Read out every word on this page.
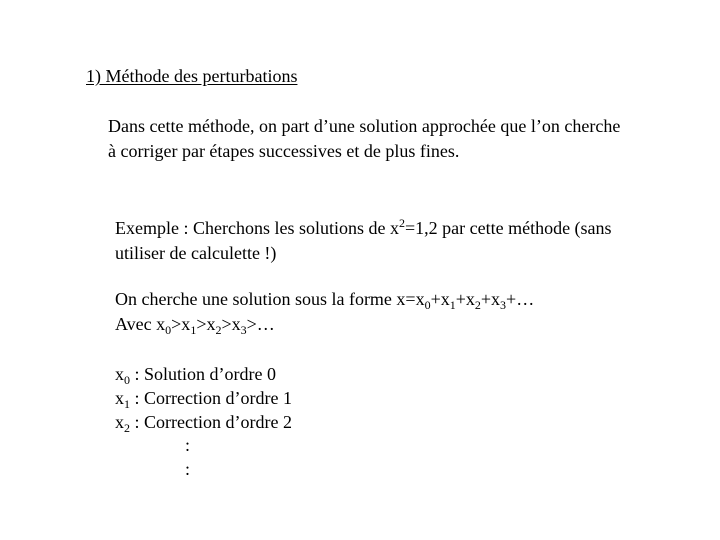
1) Méthode des perturbations
Dans cette méthode, on part d’une solution approchée que l’on cherche
à corriger par étapes successives et de plus fines.
Exemple : Cherchons les solutions de $x^2=1,2$ par cette méthode (sans
utiliser de calculette !)
On cherche une solution sous la forme $x=x_0+x_1+x_2+x_3+\dots$
Avec $x_0>x_1>x_2>x_3>\dots$
$x_0$ : Solution d’ordre 0
$x_1$ : Correction d’ordre 1
$x_2$ : Correction d’ordre 2
:
:
